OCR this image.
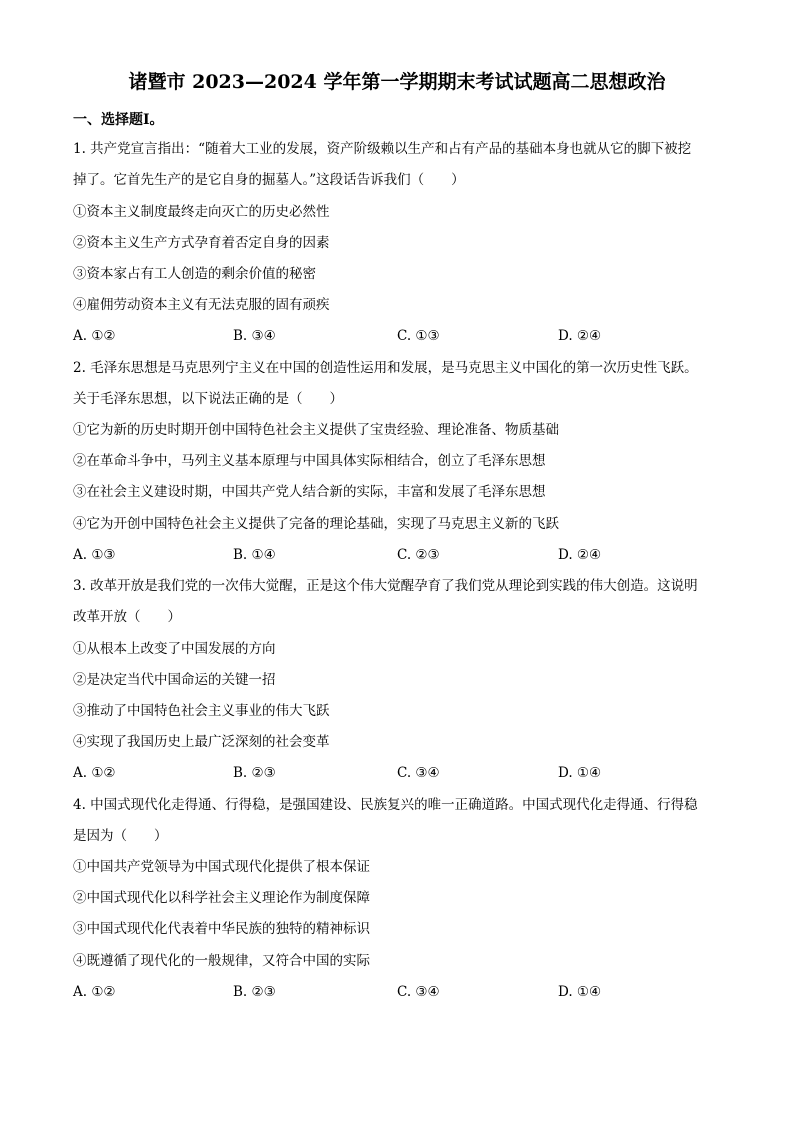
诸暨市 2023—2024 学年第一学期期末考试试题高二思想政治
一、选择题Ⅰ。
1. 共产党宣言指出：“随着大工业的发展，资产阶级赖以生产和占有产品的基础本身也就从它的脚下被挖
掉了。它首先生产的是它自身的掘墓人。”这段话告诉我们（　　）
①资本主义制度最终走向灭亡的历史必然性
②资本主义生产方式孕育着否定自身的因素
③资本家占有工人创造的剩余价值的秘密
④雇佣劳动资本主义有无法克服的固有顽疾
A. ①②	B. ③④	C. ①③	D. ②④
2. 毛泽东思想是马克思列宁主义在中国的创造性运用和发展，是马克思主义中国化的第一次历史性飞跃。
关于毛泽东思想，以下说法正确的是（　　）
①它为新的历史时期开创中国特色社会主义提供了宝贵经验、理论准备、物质基础
②在革命斗争中，马列主义基本原理与中国具体实际相结合，创立了毛泽东思想
③在社会主义建设时期，中国共产党人结合新的实际，丰富和发展了毛泽东思想
④它为开创中国特色社会主义提供了完备的理论基础，实现了马克思主义新的飞跃
A. ①③	B. ①④	C. ②③	D. ②④
3. 改革开放是我们党的一次伟大觉醒，正是这个伟大觉醒孕育了我们党从理论到实践的伟大创造。这说明
改革开放（　　）
①从根本上改变了中国发展的方向
②是决定当代中国命运的关键一招
③推动了中国特色社会主义事业的伟大飞跃
④实现了我国历史上最广泛深刻的社会变革
A. ①②	B. ②③	C. ③④	D. ①④
4. 中国式现代化走得通、行得稳，是强国建设、民族复兴的唯一正确道路。中国式现代化走得通、行得稳
是因为（　　）
①中国共产党领导为中国式现代化提供了根本保证
②中国式现代化以科学社会主义理论作为制度保障
③中国式现代化代表着中华民族的独特的精神标识
④既遵循了现代化的一般规律，又符合中国的实际
A. ①②	B. ②③	C. ③④	D. ①④
